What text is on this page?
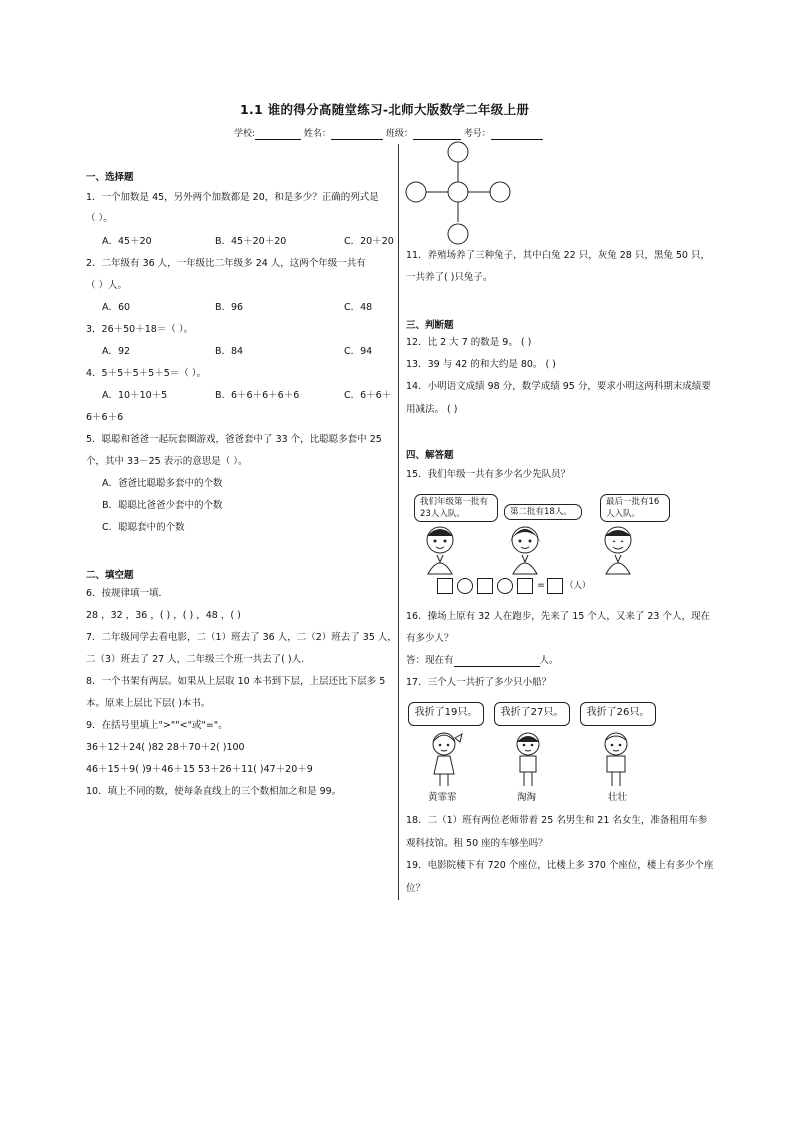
1.1 谁的得分高随堂练习-北师大版数学二年级上册
学校:	姓名：	班级：	考号：
一、选择题
1．一个加数是 45，另外两个加数都是 20，和是多少？正确的列式是
（ ）。
A．45＋20	B．45＋20＋20	C．20＋20
2．二年级有 36 人，一年级比二年级多 24 人，这两个年级一共有
（ ）人。
A．60	B．96	C．48
3．26＋50＋18＝（ ）。
A．92	B．84	C．94
4．5＋5＋5＋5＋5＝（ ）。
A．10＋10＋5	B．6＋6＋6＋6＋6	C．6＋6＋
6＋6＋6
5．聪聪和爸爸一起玩套圈游戏，爸爸套中了 33 个，比聪聪多套中 25
个，其中 33－25 表示的意思是（ ）。
A．爸爸比聪聪多套中的个数
B．聪聪比爸爸少套中的个数
C．聪聪套中的个数
二、填空题
6．按规律填一填．
28 ，32 ，36 ，( ) ，( ) ，48 ，( )
7．二年级同学去看电影，二（1）班去了 36 人，二（2）班去了 35 人，
二（3）班去了 27 人，二年级三个班一共去了( )人.
8．一个书架有两层。如果从上层取 10 本书到下层，上层还比下层多 5
本。原来上层比下层( )本书。
9．在括号里填上">""<"或"="。
36＋12＋24( )82 28＋70＋2( )100
46＋15＋9( )9＋46＋15 53＋26＋11( )47＋20＋9
10．填上不同的数，使每条直线上的三个数相加之和是 99。
11．养殖场养了三种兔子，其中白兔 22 只，灰兔 28 只，黑兔 50 只，
一共养了( )只兔子。
三、判断题
12．比 2 大 7 的数是 9。 ( )
13．39 与 42 的和大约是 80。 ( )
14．小明语文成绩 98 分，数学成绩 95 分，要求小明这两科期末成绩要
用减法。 ( )
四、解答题
15．我们年级一共有多少名少先队员？
我们年级第一批有23人入队。	第二批有18人。
最后一批有16人入队。
= （人）
16．操场上原有 32 人在跑步，先来了 15 个人，又来了 23 个人，现在
有多少人？
答：现在有	人。
17．三个人一共折了多少只小船？
我折了19只。	我折了27只。	我折了26只。
黄霏霏	淘淘	壮壮
18．二（1）班有两位老师带着 25 名男生和 21 名女生，准备租用车参
观科技馆。租 50 座的车够坐吗？
19．电影院楼下有 720 个座位，比楼上多 370 个座位，楼上有多少个座
位？
